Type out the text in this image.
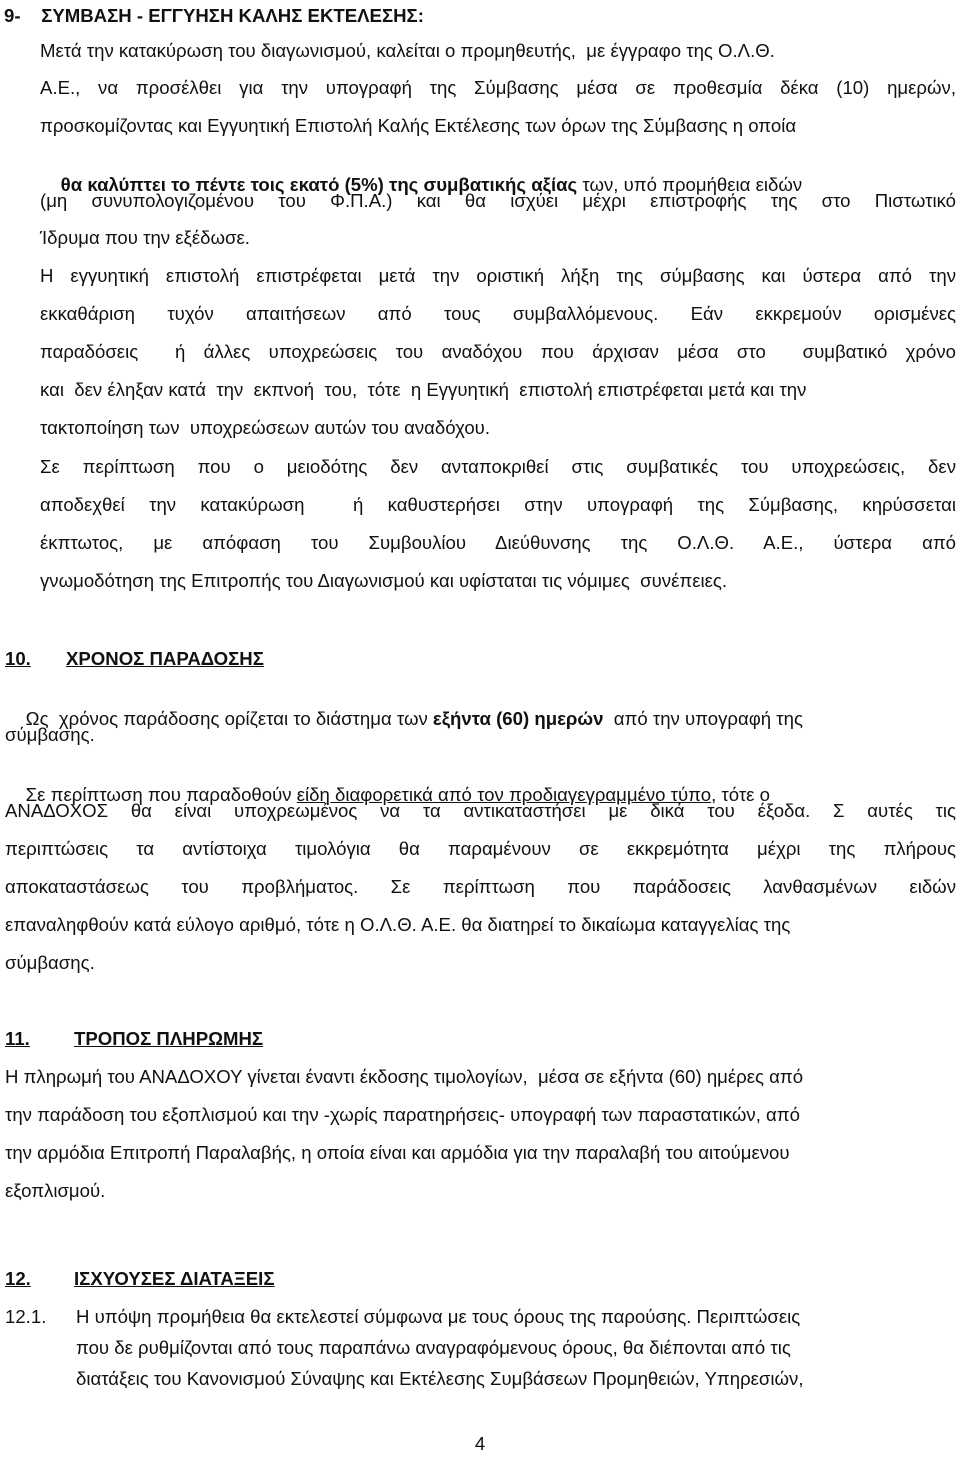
9-    ΣΥΜΒΑΣΗ - ΕΓΓΥΗΣΗ ΚΑΛΗΣ ΕΚΤΕΛΕΣΗΣ:
Μετά την κατακύρωση του διαγωνισμού, καλείται ο προμηθευτής,  με έγγραφο της Ο.Λ.Θ.
Α.Ε., να προσέλθει για την υπογραφή της Σύμβασης μέσα σε προθεσμία δέκα (10) ημερών,
προσκομίζοντας και Εγγυητική Επιστολή Καλής Εκτέλεσης των όρων της Σύμβασης η οποία

θα καλύπτει το πέντε τοις εκατό (5%) της συμβατικής αξίας των, υπό προμήθεια ειδών

(μη συνυπολογιζομένου του Φ.Π.Α.) και θα ισχύει μέχρι επιστροφής της στο Πιστωτικό
Ίδρυμα που την εξέδωσε.
Η εγγυητική επιστολή επιστρέφεται μετά την οριστική λήξη της σύμβασης και ύστερα από την
εκκαθάριση τυχόν απαιτήσεων από τους συμβαλλόμενους. Εάν εκκρεμούν ορισμένες
παραδόσεις  ή άλλες υποχρεώσεις του αναδόχου που άρχισαν μέσα στο  συμβατικό χρόνο
και  δεν έληξαν κατά  την  εκπνοή  του,  τότε  η Εγγυητική  επιστολή επιστρέφεται μετά και την
τακτοποίηση των  υποχρεώσεων αυτών του αναδόχου.
Σε περίπτωση που ο μειοδότης δεν ανταποκριθεί στις συμβατικές του υποχρεώσεις, δεν
αποδεχθεί την κατακύρωση  ή καθυστερήσει στην υπογραφή της Σύμβασης, κηρύσσεται
έκπτωτος, με απόφαση του Συμβουλίου Διεύθυνσης της Ο.Λ.Θ. Α.Ε., ύστερα από
γνωμοδότηση της Επιτροπής του Διαγωνισμού και υφίσταται τις νόμιμες  συνέπειες.
10.	ΧΡΟΝΟΣ ΠΑΡΑΔΟΣΗΣ

Ως  χρόνος παράδοσης ορίζεται το διάστημα των εξήντα (60) ημερών  από την υπογραφή της

σύμβασης.

Σε περίπτωση που παραδοθούν είδη διαφορετικά από τον προδιαγεγραμμένο τύπο, τότε ο

ΑΝΑΔΟΧΟΣ θα είναι υποχρεωμένος να τα αντικαταστήσει με δικά του έξοδα. Σ αυτές τις
περιπτώσεις τα αντίστοιχα τιμολόγια θα παραμένουν σε εκκρεμότητα μέχρι της πλήρους
αποκαταστάσεως του προβλήματος. Σε περίπτωση που παράδοσεις λανθασμένων ειδών
επαναληφθούν κατά εύλογο αριθμό, τότε η Ο.Λ.Θ. Α.Ε. θα διατηρεί το δικαίωμα καταγγελίας της
σύμβασης.
11.	ΤΡΟΠΟΣ ΠΛΗΡΩΜΗΣ
Η πληρωμή του ΑΝΑΔΟΧΟΥ γίνεται έναντι έκδοσης τιμολογίων,  μέσα σε εξήντα (60) ημέρες από
την παράδοση του εξοπλισμού και την -χωρίς παρατηρήσεις- υπογραφή των παραστατικών, από
την αρμόδια Επιτροπή Παραλαβής, η οποία είναι και αρμόδια για την παραλαβή του αιτούμενου
εξοπλισμού.
12.	ΙΣΧΥΟΥΣΕΣ ΔΙΑΤΑΞΕΙΣ
12.1.	Η υπόψη προμήθεια θα εκτελεστεί σύμφωνα με τους όρους της παρούσης. Περιπτώσεις
που δε ρυθμίζονται από τους παραπάνω αναγραφόμενους όρους, θα διέπονται από τις
διατάξεις του Κανονισμού Σύναψης και Εκτέλεσης Συμβάσεων Προμηθειών, Υπηρεσιών,
4
